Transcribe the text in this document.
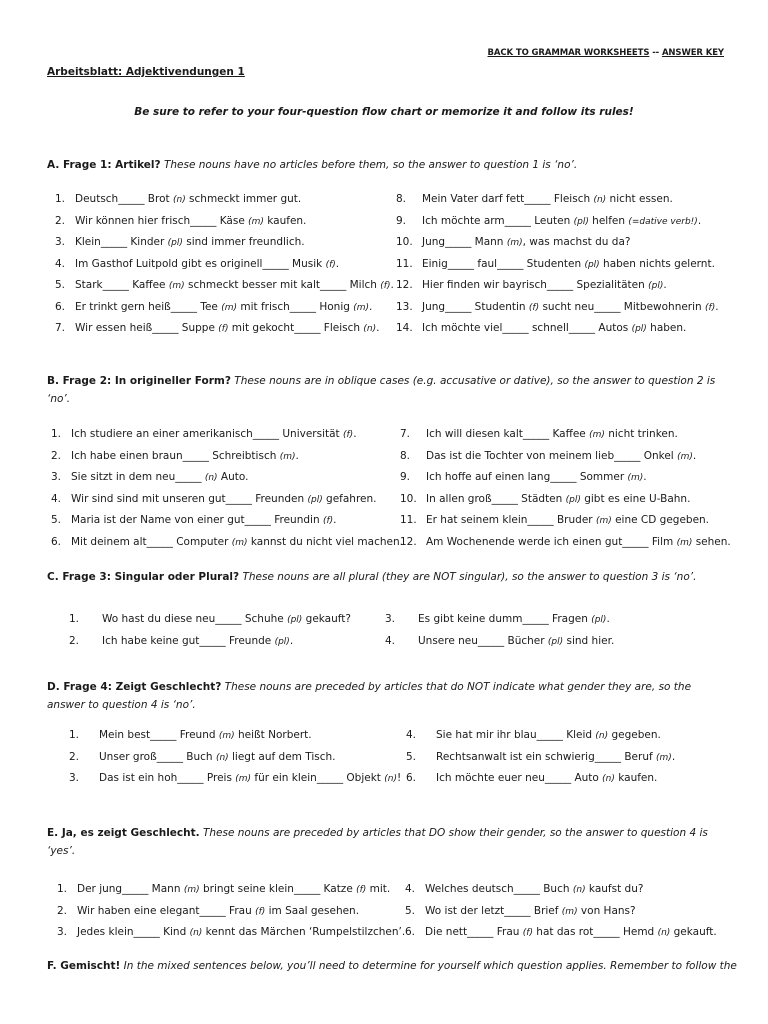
BACK TO GRAMMAR WORKSHEETS -- ANSWER KEY
Arbeitsblatt: Adjektivendungen 1
Be sure to refer to your four-question flow chart or memorize it and follow its rules!
A. Frage 1: Artikel? These nouns have no articles before them, so the answer to question 1 is ‘no’.
1. Deutsch_____ Brot (n) schmeckt immer gut.
2. Wir können hier frisch_____ Käse (m) kaufen.
3. Klein_____ Kinder (pl) sind immer freundlich.
4. Im Gasthof Luitpold gibt es originell_____ Musik (f).
5. Stark_____ Kaffee (m) schmeckt besser mit kalt_____ Milch (f).
6. Er trinkt gern heiß_____ Tee (m) mit frisch_____ Honig (m).
7. Wir essen heiß_____ Suppe (f) mit gekocht_____ Fleisch (n).
8. Mein Vater darf fett_____ Fleisch (n) nicht essen.
9. Ich möchte arm_____ Leuten (pl) helfen (=dative verb!).
10. Jung_____ Mann (m), was machst du da?
11. Einig_____ faul_____ Studenten (pl) haben nichts gelernt.
12. Hier finden wir bayrisch_____ Spezialitäten (pl).
13. Jung_____ Studentin (f) sucht neu_____ Mitbewohnerin (f).
14. Ich möchte viel_____ schnell_____ Autos (pl) haben.
B. Frage 2: In origineller Form? These nouns are in oblique cases (e.g. accusative or dative), so the answer to question 2 is ‘no’.
1. Ich studiere an einer amerikanisch_____ Universität (f).
2. Ich habe einen braun_____ Schreibtisch (m).
3. Sie sitzt in dem neu_____ (n) Auto.
4. Wir sind sind mit unseren gut_____ Freunden (pl) gefahren.
5. Maria ist der Name von einer gut_____ Freundin (f).
6. Mit deinem alt_____ Computer (m) kannst du nicht viel machen.
7. Ich will diesen kalt_____ Kaffee (m) nicht trinken.
8. Das ist die Tochter von meinem lieb_____ Onkel (m).
9. Ich hoffe auf einen lang_____ Sommer (m).
10. In allen groß_____ Städten (pl) gibt es eine U-Bahn.
11. Er hat seinem klein_____ Bruder (m) eine CD gegeben.
12. Am Wochenende werde ich einen gut_____ Film (m) sehen.
C. Frage 3: Singular oder Plural? These nouns are all plural (they are NOT singular), so the answer to question 3 is ‘no’.
1. Wo hast du diese neu_____ Schuhe (pl) gekauft?
2. Ich habe keine gut_____ Freunde (pl).
3. Es gibt keine dumm_____ Fragen (pl).
4. Unsere neu_____ Bücher (pl) sind hier.
D. Frage 4: Zeigt Geschlecht? These nouns are preceded by articles that do NOT indicate what gender they are, so the answer to question 4 is ‘no’.
1. Mein best_____ Freund (m) heißt Norbert.
2. Unser groß_____ Buch (n) liegt auf dem Tisch.
3. Das ist ein hoh_____ Preis (m) für ein klein_____ Objekt (n)!
4. Sie hat mir ihr blau_____ Kleid (n) gegeben.
5. Rechtsanwalt ist ein schwierig_____ Beruf (m).
6. Ich möchte euer neu_____ Auto (n) kaufen.
E. Ja, es zeigt Geschlecht. These nouns are preceded by articles that DO show their gender, so the answer to question 4 is ‘yes’.
1. Der jung_____ Mann (m) bringt seine klein_____ Katze (f) mit.
2. Wir haben eine elegant_____ Frau (f) im Saal gesehen.
3. Jedes klein_____ Kind (n) kennt das Märchen ‘Rumpelstilzchen’.
4. Welches deutsch_____ Buch (n) kaufst du?
5. Wo ist der letzt_____ Brief (m) von Hans?
6. Die nett_____ Frau (f) hat das rot_____ Hemd (n) gekauft.
F. Gemischt! In the mixed sentences below, you’ll need to determine for yourself which question applies. Remember to follow the
